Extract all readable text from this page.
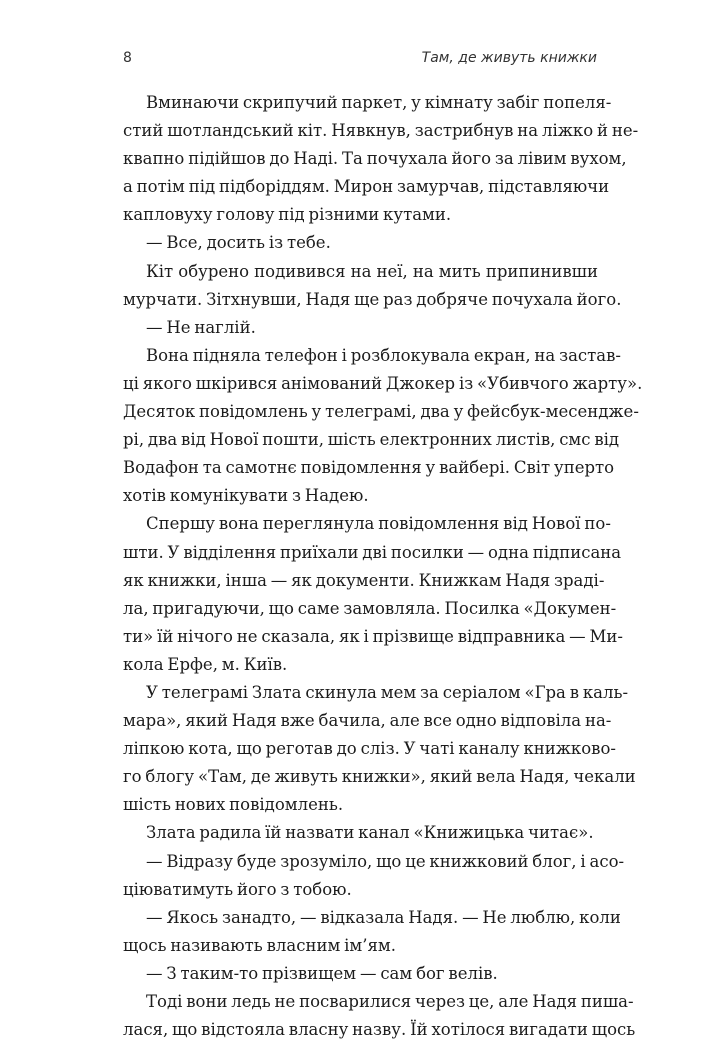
8	Там, де живуть книжки
Вминаючи скрипучий паркет, у кімнату забіг попеля-
стий шотландський кіт. Нявкнув, застрибнув на ліжко й не-
квапно підійшов до Наді. Та почухала його за лівим вухом,
а потім під підборіддям. Мирон замурчав, підставляючи
капловуху голову під різними кутами.
— Все, досить із тебе.
Кіт обурено подивився на неї, на мить припинивши
мурчати. Зітхнувши, Надя ще раз добряче почухала його.
— Не наглій.
Вона підняла телефон і розблокувала екран, на застав-
ці якого шкірився анімований Джокер із «Убивчого жарту».
Десяток повідомлень у телеграмі, два у фейсбук-месендже-
рі, два від Нової пошти, шість електронних листів, смс від
Водафон та самотнє повідомлення у вайбері. Світ уперто
хотів комунікувати з Надею.
Спершу вона переглянула повідомлення від Нової по-
шти. У відділення приїхали дві посилки — одна підписана
як книжки, інша — як документи. Книжкам Надя зраді-
ла, пригадуючи, що саме замовляла. Посилка «Докумен-
ти» їй нічого не сказала, як і прізвище відправника — Ми-
кола Ерфе, м. Київ.
У телеграмі Злата скинула мем за серіалом «Гра в каль-
мара», який Надя вже бачила, але все одно відповіла на-
ліпкою кота, що реготав до сліз. У чаті каналу книжково-
го блогу «Там, де живуть книжки», який вела Надя, чекали
шість нових повідомлень.
Злата радила їй назвати канал «Книжицька читає».
— Відразу буде зрозуміло, що це книжковий блог, і асо-
ціюватимуть його з тобою.
— Якось занадто, — відказала Надя. — Не люблю, коли
щось називають власним ім’ям.
— З таким-то прізвищем — сам бог велів.
Тоді вони ледь не посварилися через це, але Надя пиша-
лася, що відстояла власну назву. Їй хотілося вигадати щось
